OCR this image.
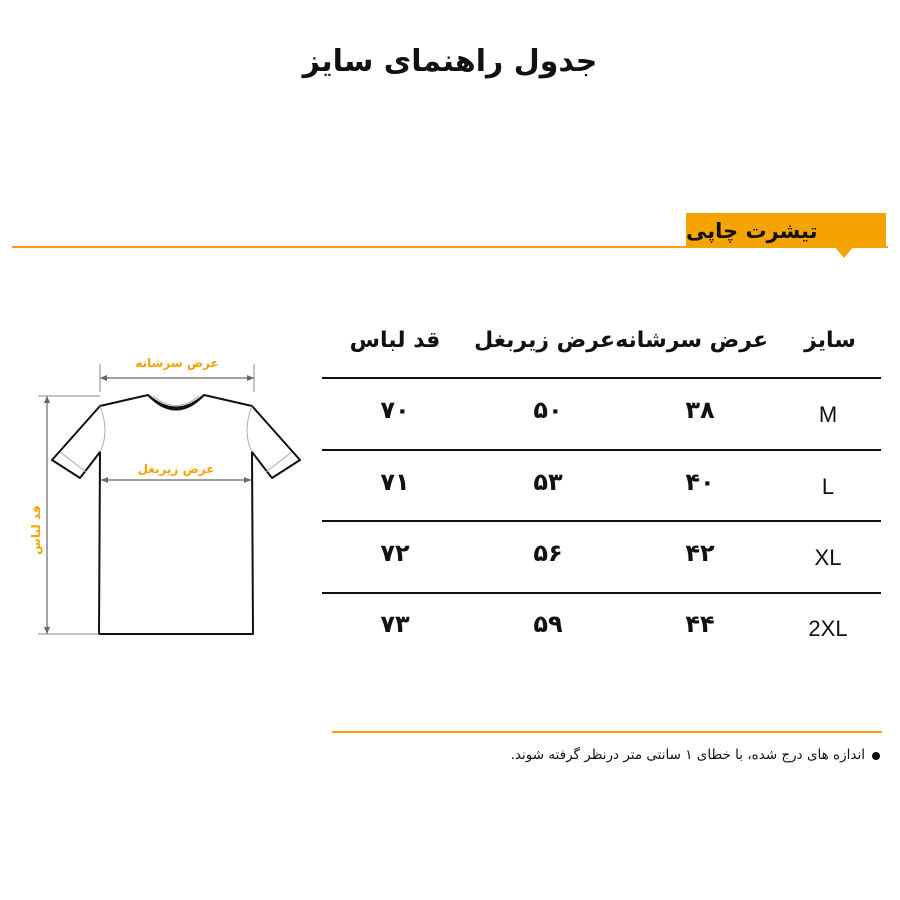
جدول راهنمای سایز
تیشرت چاپی
عرض سرشانه
عرض زیربغل
قد لباس
سایز
عرض سرشانه
عرض زیربغل
قد لباس
M
۳۸
۵۰
۷۰
L
۴۰
۵۳
۷۱
XL
۴۲
۵۶
۷۲
2XL
۴۴
۵۹
۷۳
اندازه های درج شده، با خطای ۱ سانتی متر درنظر گرفته شوند.
